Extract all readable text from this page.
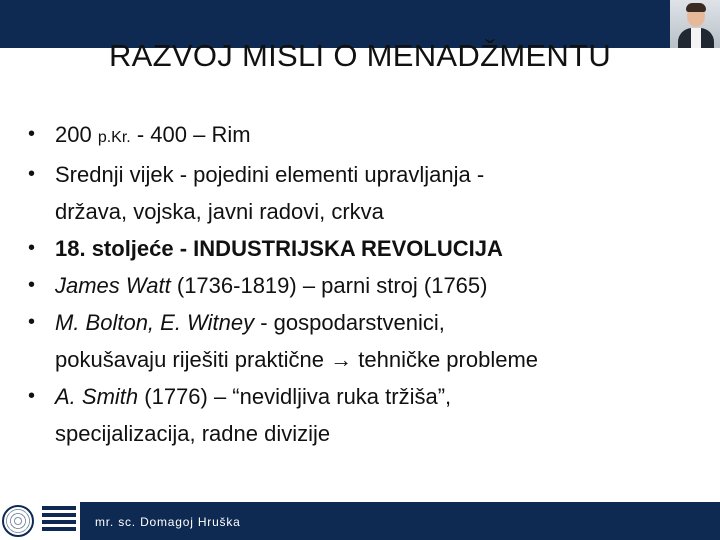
RAZVOJ MISLI O MENADŽMENTU
• 200 p.Kr. - 400 – Rim
• Srednji vijek - pojedini elementi upravljanja -
država, vojska, javni radovi, crkva
• 18. stoljeće - INDUSTRIJSKA REVOLUCIJA
• James Watt (1736-1819) – parni stroj (1765)
• M. Bolton, E. Witney - gospodarstvenici,
pokušavaju riješiti praktične → tehničke probleme
• A. Smith (1776) – “nevidljiva ruka tržiša”,
specijalizacija, radne divizije
mr. sc. Domagoj Hruška
